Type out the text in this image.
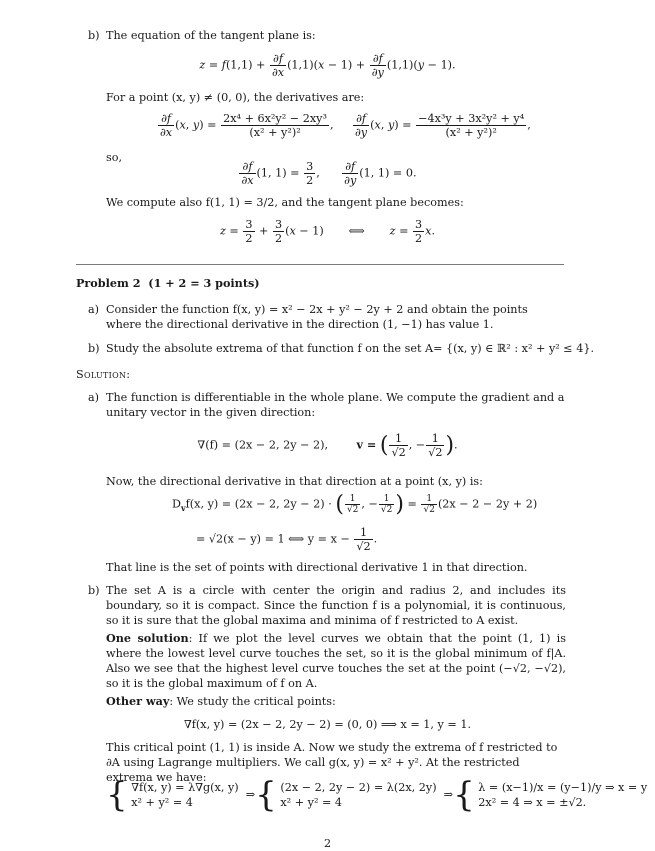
b) The equation of the tangent plane is:
$z = f(1,1) + \frac{\partial f}{\partial x} (1,1)(x - 1) + \frac{\partial f}{\partial y} (1,1)(y - 1)$.
For a point (x, y) ≠ (0, 0), the derivatives are:
$\frac{\partial f}{\partial x} (x$, $y) = \frac{\text{2x⁴ + 6x²y² − 2xy³}}{\text{(x² + y²)²}}$ , $\frac{\partial f}{\partial y} (x$, $y) = \frac{\text{−4x³y + 3x²y² + y⁴}}{\text{(x² + y²)²}}$ ,
so,
$\frac{\partial f}{\partial x} (1$, $1) = \frac{3}{2}$ , $\frac{\partial f}{\partial y} (1$, 1) = 0.
We compute also f(1, 1) = 3/2, and the tangent plane becomes:
$z = \frac{3}{2} + \frac{3}{2} (x - 1)$       ⟺       $z = \frac{3}{2} x$.
Problem 2 (1 + 2 = 3 points)
a) Consider the function f(x, y) = x² − 2x + y² − 2y + 2 and obtain the points where the directional derivative in the direction (1, −1) has value 1.
b) Study the absolute extrema of that function f on the set A= {(x, y) ∈ ℝ² : x² + y² ≤ 4}.
Solution:
a) The function is differentiable in the whole plane. We compute the gradient and a unitary vector in the given direction:
∇(f) = (2x − 2, 2y − 2),	v = ( $\frac{1}{√2}$ , − $\frac{1}{√2}$ ).
Now, the directional derivative in that direction at a point (x, y) is:
$D_vf(x$, y) = (2x − 2, 2y − 2) · ( $\frac{1}{√2}$ , − $\frac{1}{√2}$ ) = $\frac{1}{√2} (2x - 2 - 2y + 2)$
= √2(x − y) = 1 ⟺ $y = x - \frac{1}{√2}$ .
That line is the set of points with directional derivative 1 in that direction.
b) The set A is a circle with center the origin and radius 2, and includes its boundary, so it is compact. Since the function f is a polynomial, it is continuous, so it is sure that the global maxima and minima of f restricted to A exist.
One solution: If we plot the level curves we obtain that the point (1, 1) is where the lowest level curve touches the set, so it is the global minimum of f|A. Also we see that the highest level curve touches the set at the point (−√2, −√2), so it is the global maximum of f on A.
Other way: We study the critical points:
∇f(x, y) = (2x − 2, 2y − 2) = (0, 0) ⟹ x = 1, y = 1.
This critical point (1, 1) is inside A. Now we study the extrema of f restricted to ∂A using Lagrange multipliers. We call g(x, y) = x² + y². At the restricted extrema we have:
{ ∇f(x, y) = λ∇g(x, y)
x² + y² = 4  ⇒{ (2x − 2, 2y − 2) = λ(2x, 2y)
x² + y² = 4  ⇒{ λ = (x−1)/x = (y−1)/y ⇒ x = y
2x² = 4 ⇒ x = ±√2.
2
